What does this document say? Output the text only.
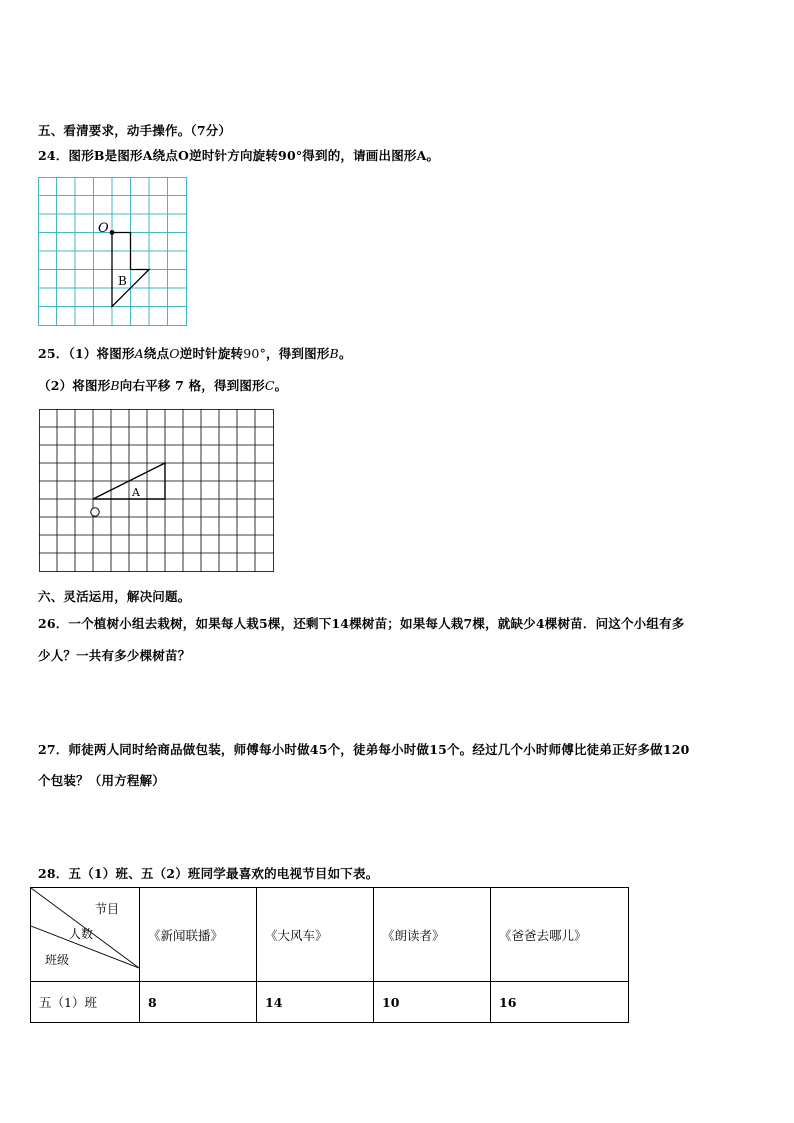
五、看清要求，动手操作。（7分）
24．图形B是图形A绕点O逆时针方向旋转90°得到的，请画出图形A。
O
B
25．（1）将图形A绕点O逆时针旋转90°，得到图形B。
（2）将图形B向右平移 7 格，得到图形C。
A
六、灵活运用，解决问题。
26．一个植树小组去栽树，如果每人栽5棵，还剩下14棵树苗；如果每人栽7棵，就缺少4棵树苗．问这个小组有多
少人？一共有多少棵树苗？
27．师徒两人同时给商品做包装，师傅每小时做45个，徒弟每小时做15个。经过几个小时师傅比徒弟正好多做120
个包装？（用方程解）
28．五（1）班、五（2）班同学最喜欢的电视节目如下表。
节目
人数
班级	《新闻联播》	《大风车》	《朗读者》	《爸爸去哪儿》
五（1）班	8	14	10	16
